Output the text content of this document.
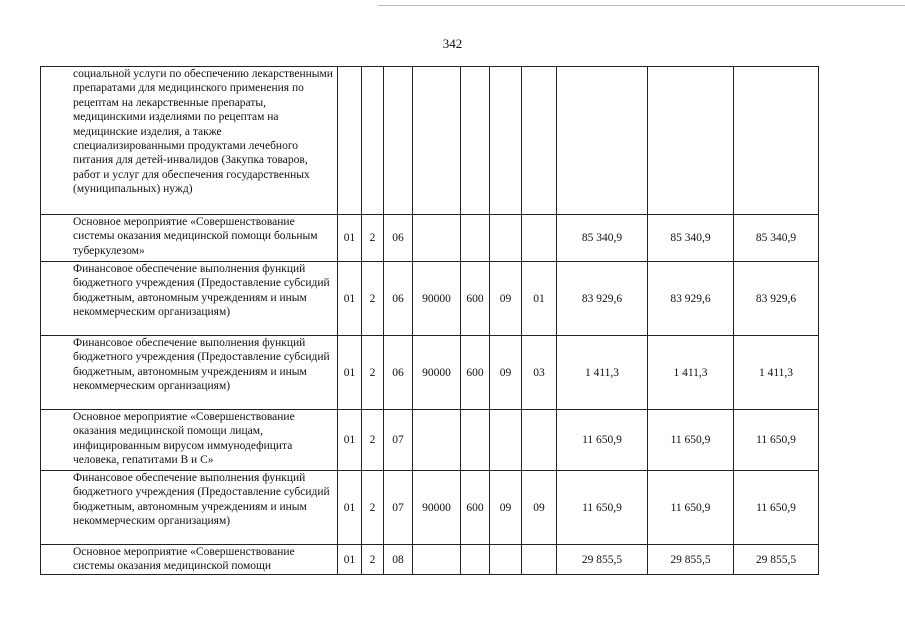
342
социальной услуги по обеспечению лекарственными препаратами для медицинского применения по рецептам на лекарственные препараты, медицинскими изделиями по рецептам на медицинские изделия, а также специализированными продуктами лечебного питания для детей-инвалидов (Закупка товаров, работ и услуг для обеспечения государственных (муниципальных) нужд)										
Основное мероприятие «Совершенствование системы оказания медицинской помощи больным туберкулезом»	01	2	06					85 340,9	85 340,9	85 340,9
Финансовое обеспечение выполнения функций бюджетного учреждения (Предоставление субсидий бюджетным, автономным учреждениям и иным некоммерческим организациям)	01	2	06	90000	600	09	01	83 929,6	83 929,6	83 929,6
Финансовое обеспечение выполнения функций бюджетного учреждения (Предоставление субсидий бюджетным, автономным учреждениям и иным некоммерческим организациям)	01	2	06	90000	600	09	03	1 411,3	1 411,3	1 411,3
Основное мероприятие «Совершенствование оказания медицинской помощи лицам, инфицированным вирусом иммунодефицита человека, гепатитами В и С»	01	2	07					11 650,9	11 650,9	11 650,9
Финансовое обеспечение выполнения функций бюджетного учреждения (Предоставление субсидий бюджетным, автономным учреждениям и иным некоммерческим организациям)	01	2	07	90000	600	09	09	11 650,9	11 650,9	11 650,9
Основное мероприятие «Совершенствование системы оказания медицинской помощи	01	2	08					29 855,5	29 855,5	29 855,5
